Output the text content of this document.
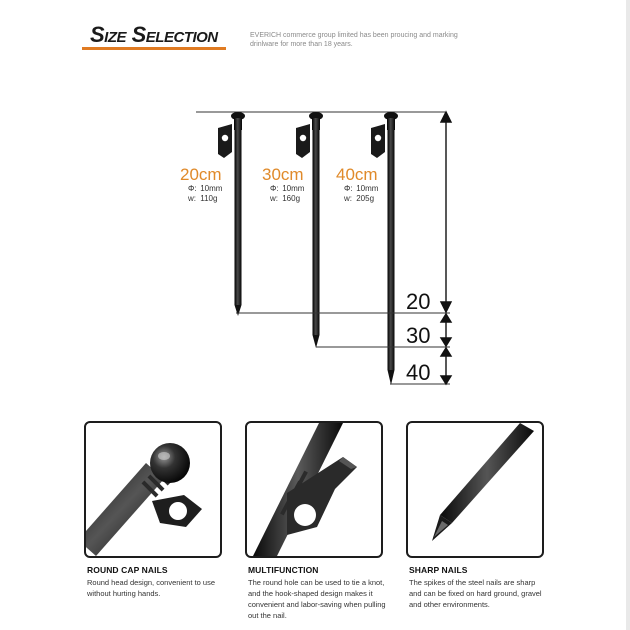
Size Selection	EVERICH commerce group limited has been proucing and marking drinlware for more than 18 years.
20cm
Φ: 10mm
w: 110g
30cm
Φ: 10mm
w: 160g
40cm
Φ: 10mm
w: 205g
20
30
40
ROUND CAP NAILS
Round head design, convenient to use without hurting hands.
MULTIFUNCTION
The round hole can be used to tie a knot, and the hook-shaped design makes it convenient and labor-saving when pulling out the nail.
SHARP NAILS
The spikes of the steel nails are sharp and can be fixed on hard ground, gravel and other environments.
